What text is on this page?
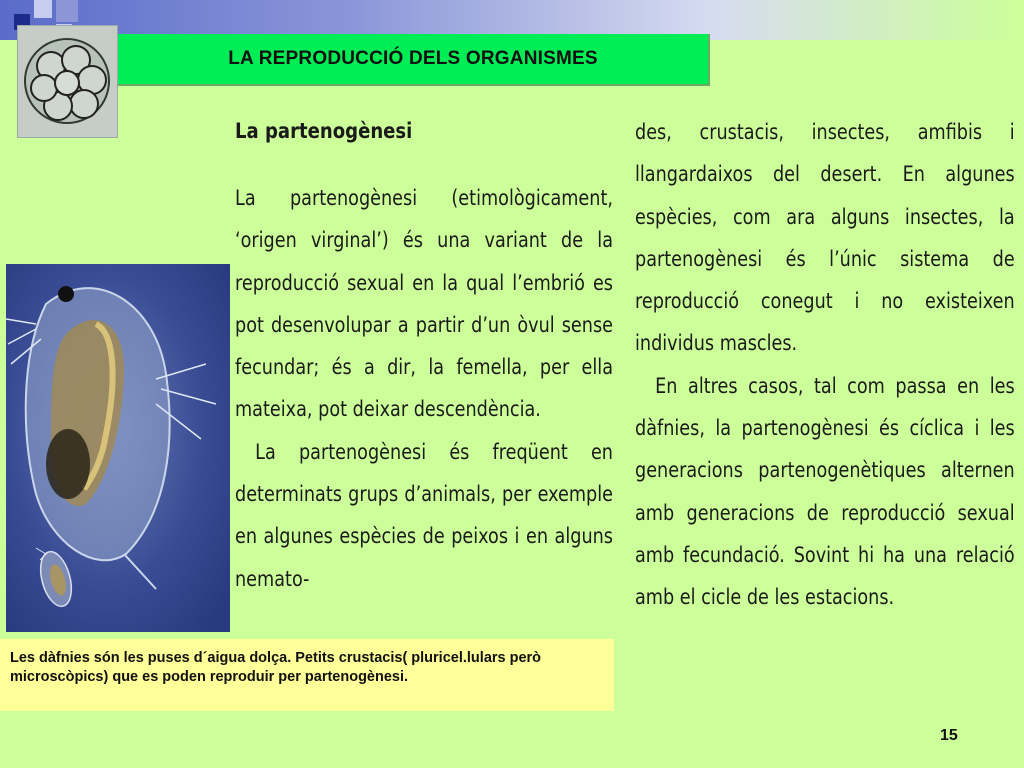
LA REPRODUCCIÓ DELS ORGANISMES
La partenogènesi

La partenogènesi (etimològicament, ‘origen virginal’) és una variant de la reproducció sexual en la qual l’embrió es pot desenvolupar a partir d’un òvul sense fecundar; és a dir, la femella, per ella mateixa, pot deixar descendència.

La partenogènesi és freqüent en determinats grups d’animals, per exemple en algunes espècies de peixos i en alguns nemato-

des, crustacis, insectes, amfibis i llangardaixos del desert. En algunes espècies, com ara alguns insectes, la partenogènesi és l’únic sistema de reproducció conegut i no existeixen individus mascles.

En altres casos, tal com passa en les dàfnies, la partenogènesi és cíclica i les generacions partenogenètiques alternen amb generacions de reproducció sexual amb fecundació. Sovint hi ha una relació amb el cicle de les estacions.

Les dàfnies són les puses d´aigua dolça. Petits crustacis( pluricel.lulars però microscòpics) que es poden reproduir per partenogènesi.

15
